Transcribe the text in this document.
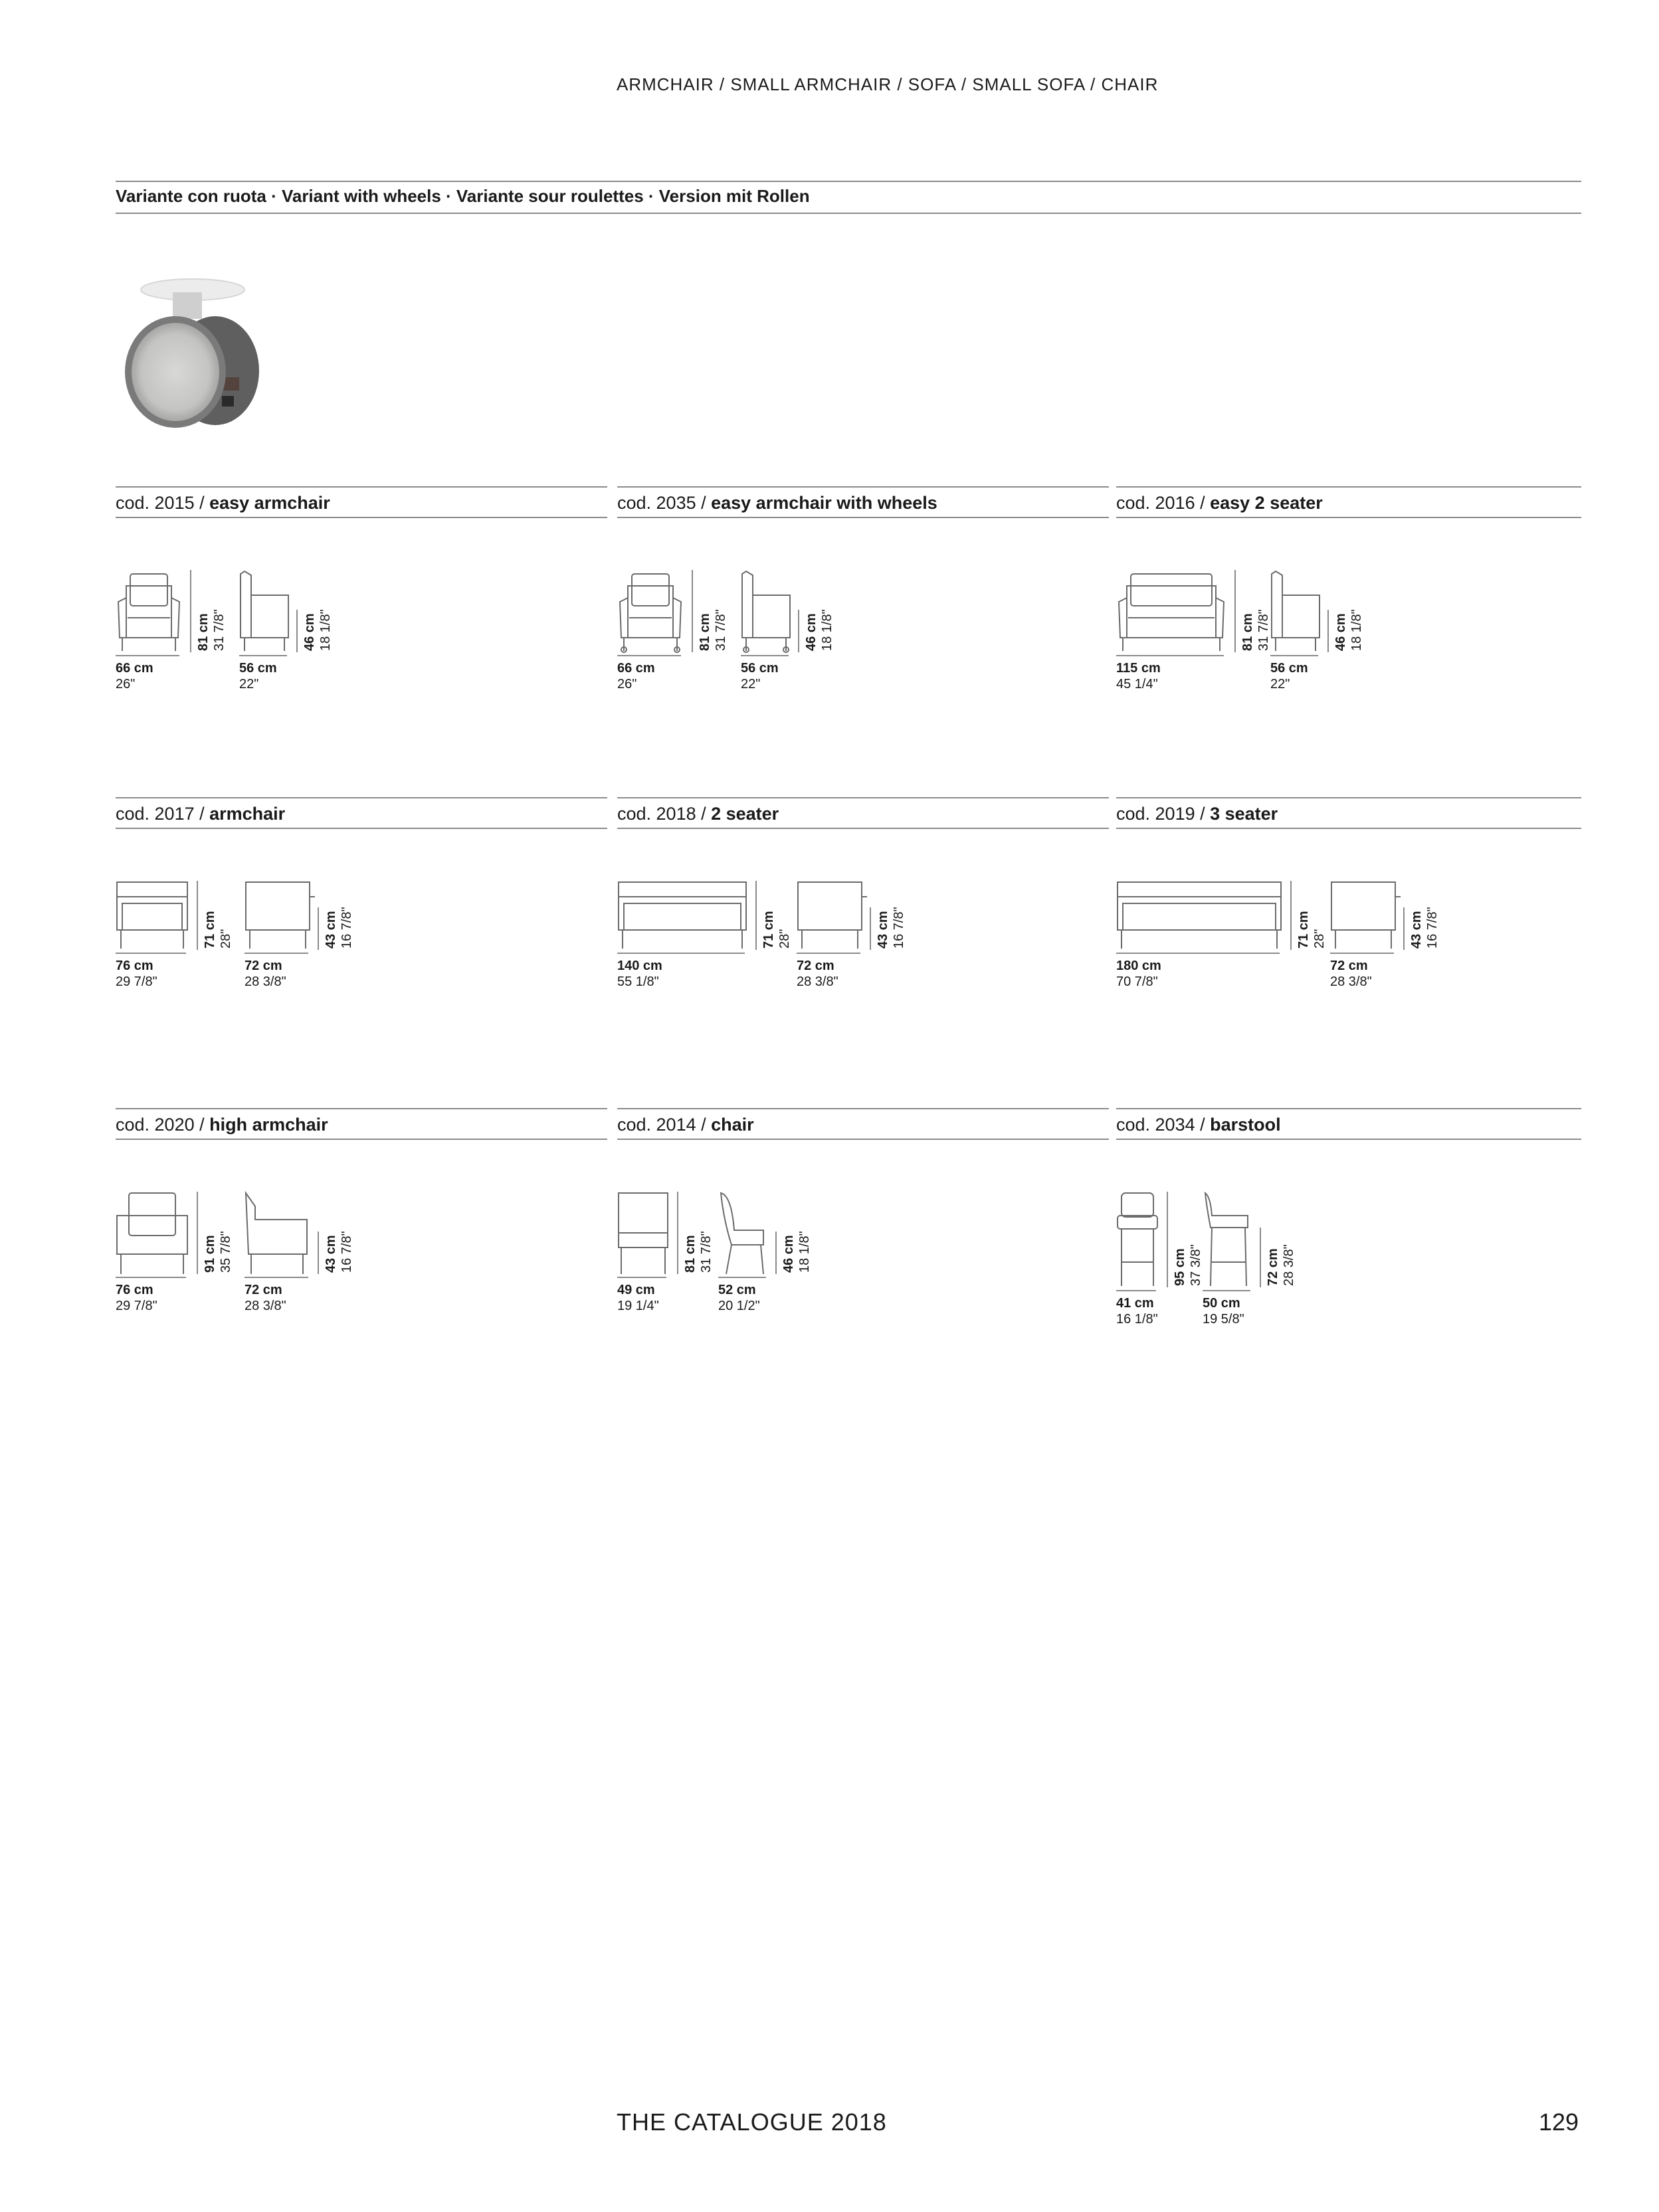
ARMCHAIR / SMALL ARMCHAIR / SOFA / SMALL SOFA / CHAIR
Variante con ruota · Variant with wheels · Variante sour roulettes · Version mit Rollen
cod. 2015 / easy armchair
66 cm
26"
81 cm 31 7/8"
56 cm
22"
46 cm 18 1/8"
cod. 2035 / easy armchair with wheels
66 cm
26"
81 cm 31 7/8"
56 cm
22"
46 cm 18 1/8"
cod. 2016 / easy 2 seater
115 cm
45 1/4"
81 cm 31 7/8"
56 cm
22"
46 cm 18 1/8"
cod. 2017 / armchair
76 cm
29 7/8"
71 cm 28"
72 cm
28 3/8"
43 cm 16 7/8"
cod. 2018 / 2 seater
140 cm
55 1/8"
71 cm 28"
72 cm
28 3/8"
43 cm 16 7/8"
cod. 2019 / 3 seater
180 cm
70 7/8"
71 cm 28"
72 cm
28 3/8"
43 cm 16 7/8"
cod. 2020 / high armchair
76 cm
29 7/8"
91 cm 35 7/8"
72 cm
28 3/8"
43 cm 16 7/8"
cod. 2014 / chair
49 cm
19 1/4"
81 cm 31 7/8"
52 cm
20 1/2"
46 cm 18 1/8"
cod. 2034 / barstool
41 cm
16 1/8"
95 cm 37 3/8"
50 cm
19 5/8"
72 cm 28 3/8"
THE CATALOGUE 2018	129
